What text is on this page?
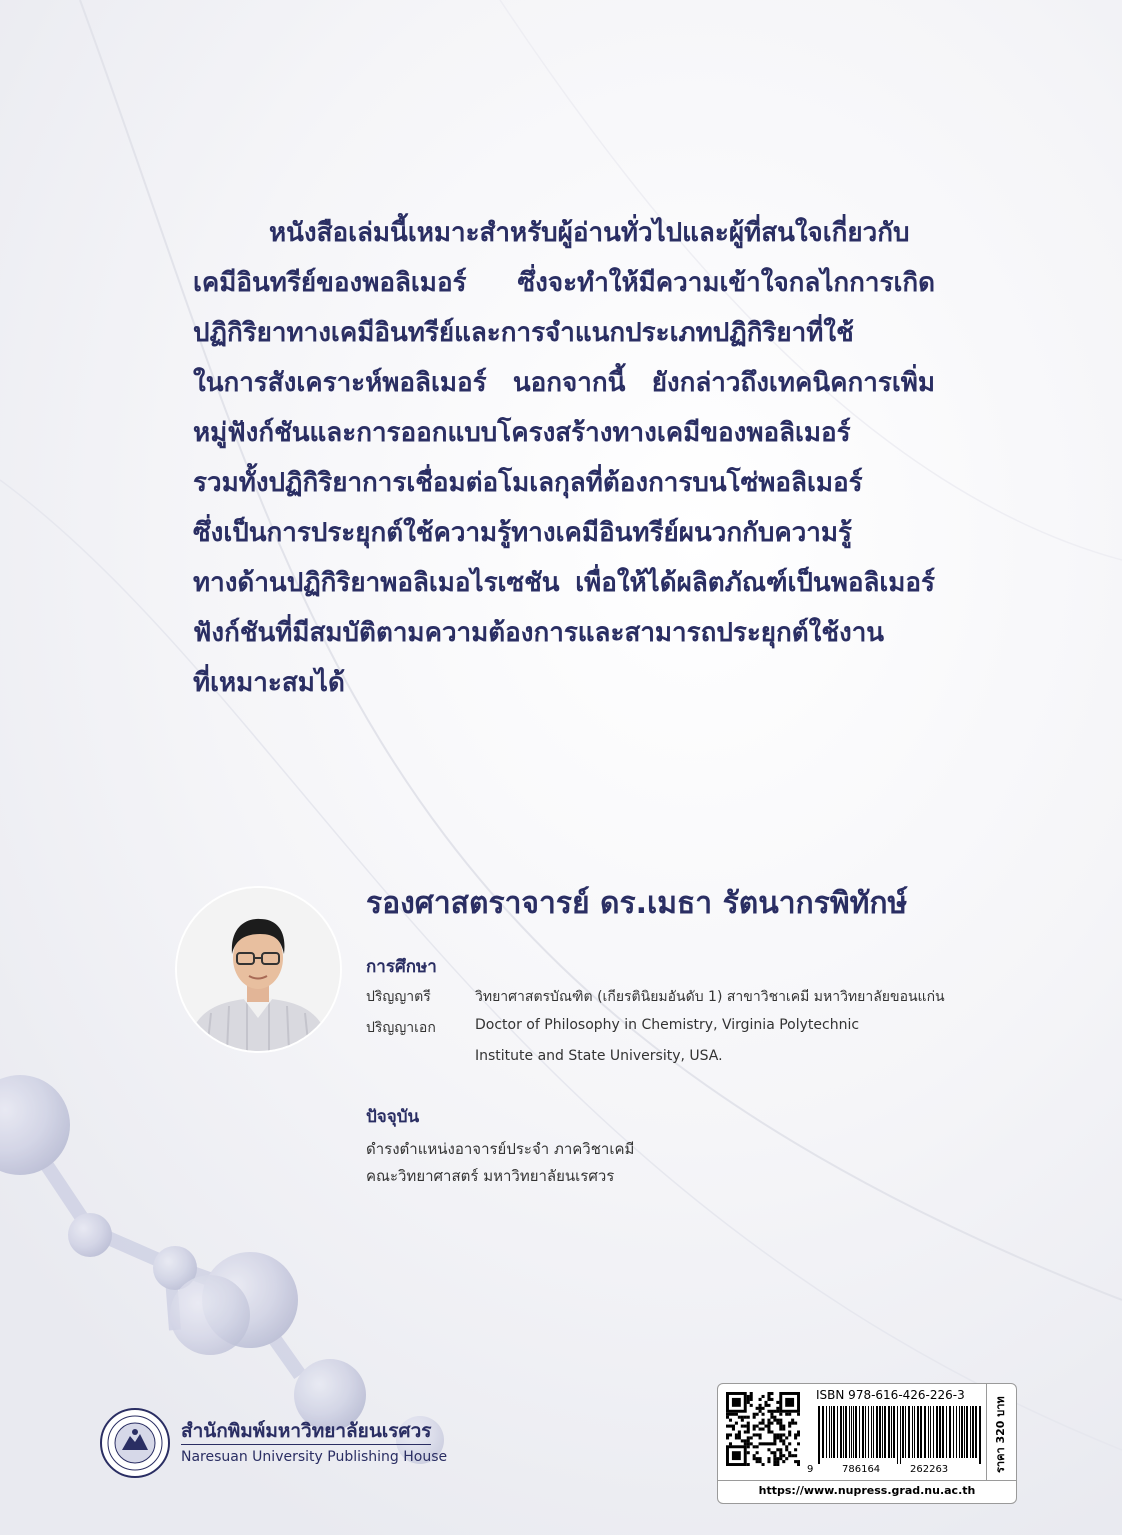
หนังสือเล่มนี้เหมาะสำหรับผู้อ่านทั่วไปและผู้ที่สนใจเกี่ยวกับ
เคมีอินทรีย์ของพอลิเมอร์ ซึ่งจะทำให้มีความเข้าใจกลไกการเกิด
ปฏิกิริยาทางเคมีอินทรีย์และการจำแนกประเภทปฏิกิริยาที่ใช้
ในการสังเคราะห์พอลิเมอร์ นอกจากนี้ ยังกล่าวถึงเทคนิคการเพิ่ม
หมู่ฟังก์ชันและการออกแบบโครงสร้างทางเคมีของพอลิเมอร์
รวมทั้งปฏิกิริยาการเชื่อมต่อโมเลกุลที่ต้องการบนโซ่พอลิเมอร์
ซึ่งเป็นการประยุกต์ใช้ความรู้ทางเคมีอินทรีย์ผนวกกับความรู้
ทางด้านปฏิกิริยาพอลิเมอไรเซชัน เพื่อให้ได้ผลิตภัณฑ์เป็นพอลิเมอร์
ฟังก์ชันที่มีสมบัติตามความต้องการและสามารถประยุกต์ใช้งาน
ที่เหมาะสมได้
รองศาสตราจารย์ ดร.เมธา รัตนากรพิทักษ์
การศึกษา
ปริญญาตรี	วิทยาศาสตรบัณฑิต (เกียรตินิยมอันดับ 1) สาขาวิชาเคมี มหาวิทยาลัยขอนแก่น
ปริญญาเอก	Doctor of Philosophy in Chemistry, Virginia Polytechnic
Institute and State University, USA.
ปัจจุบัน
ดำรงตำแหน่งอาจารย์ประจำ ภาควิชาเคมี
คณะวิทยาศาสตร์ มหาวิทยาลัยนเรศวร
สำนักพิมพ์มหาวิทยาลัยนเรศวร
Naresuan University Publishing House
ISBN 978-616-426-226-3
9	786164	262263	ราคา 320 บาท
https://www.nupress.grad.nu.ac.th
